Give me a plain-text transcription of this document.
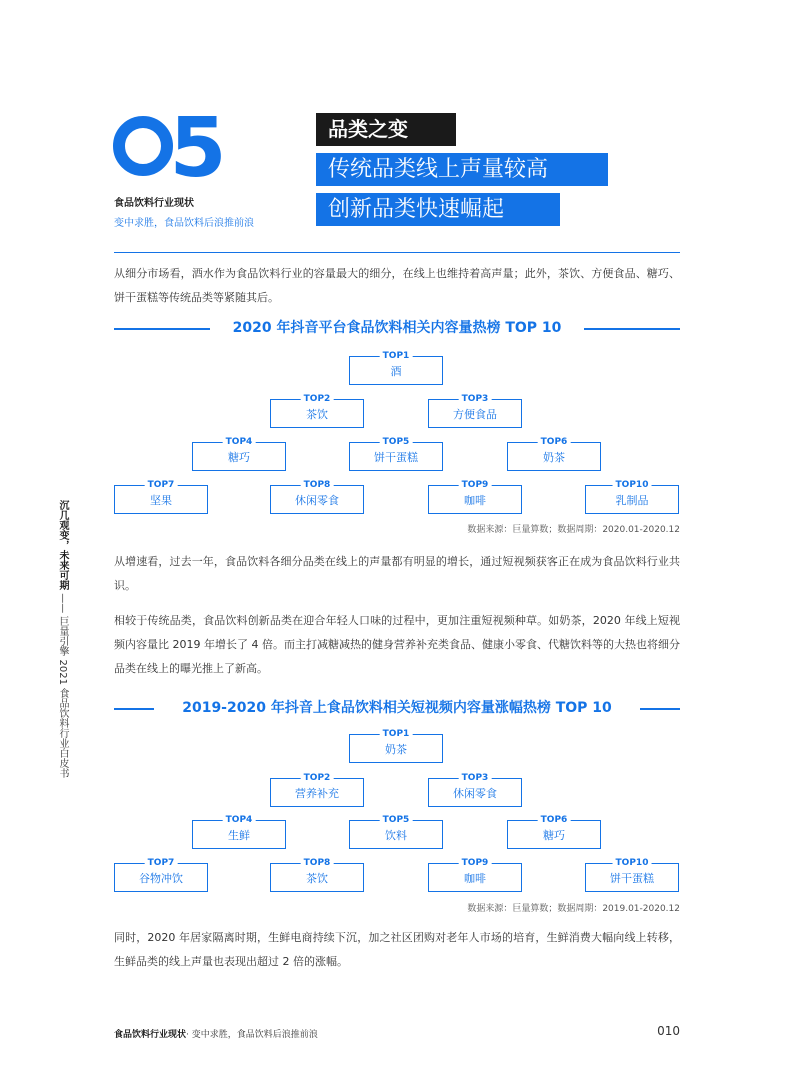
5
食品饮料行业现状
变中求胜，食品饮料后浪推前浪
品类之变
传统品类线上声量较高
创新品类快速崛起
从细分市场看，酒水作为食品饮料行业的容量最大的细分，在线上也维持着高声量；此外，茶饮、方便食品、糖巧、饼干蛋糕等传统品类等紧随其后。
2020 年抖音平台食品饮料相关内容量热榜 TOP 10
TOP1
酒
TOP2
茶饮
TOP3
方便食品
TOP4
糖巧
TOP5
饼干蛋糕
TOP6
奶茶
TOP7
坚果
TOP8
休闲零食
TOP9
咖啡
TOP10
乳制品
数据来源：巨量算数；数据周期：2020.01-2020.12
从增速看，过去一年，食品饮料各细分品类在线上的声量都有明显的增长，通过短视频获客正在成为食品饮料行业共识。
相较于传统品类，食品饮料创新品类在迎合年轻人口味的过程中，更加注重短视频种草。如奶茶，2020 年线上短视频内容量比 2019 年增长了 4 倍。而主打减糖减热的健身营养补充类食品、健康小零食、代糖饮料等的大热也将细分品类在线上的曝光推上了新高。
2019-2020 年抖音上食品饮料相关短视频内容量涨幅热榜 TOP 10
TOP1
奶茶
TOP2
营养补充
TOP3
休闲零食
TOP4
生鲜
TOP5
饮料
TOP6
糖巧
TOP7
谷物冲饮
TOP8
茶饮
TOP9
咖啡
TOP10
饼干蛋糕
数据来源：巨量算数；数据周期：2019.01-2020.12
同时，2020 年居家隔离时期，生鲜电商持续下沉，加之社区团购对老年人市场的培育，生鲜消费大幅向线上转移，生鲜品类的线上声量也表现出超过 2 倍的涨幅。
沉几观变，未来可期 —— 巨量引擎 2021 食品饮料行业白皮书
食品饮料行业现状· 变中求胜，食品饮料后浪推前浪	010
